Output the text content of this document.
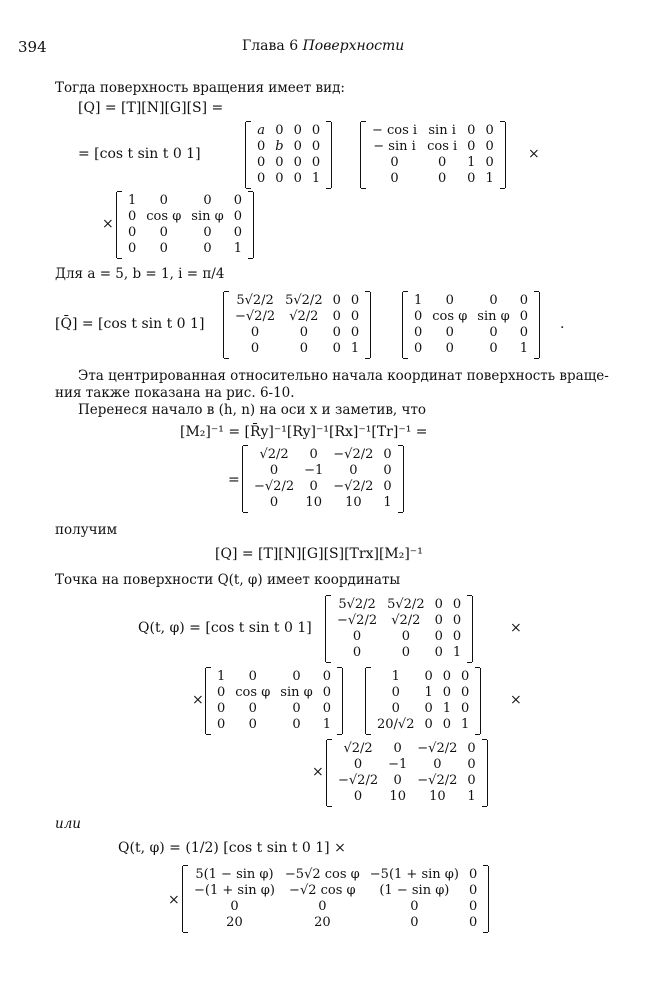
394	Глава 6 Поверхности
Тогда поверхность вращения имеет вид:
[Q] = [T][N][G][S] =
= [cos t sin t 0 1]
a	0	0	0
0	b	0	0
0	0	0	0
0	0	0	1
− cos i	sin i	0	0
− sin i	cos i	0	0
0	0	1	0
0	0	0	1
×
×
1	0	0	0
0	cos φ	sin φ	0
0	0	0	0
0	0	0	1
Для a = 5, b = 1, i = π/4
[Q̄] = [cos t sin t 0 1]
5√2/2	5√2/2	0	0
−√2/2	√2/2	0	0
0	0	0	0
0	0	0	1
1	0	0	0
0	cos φ	sin φ	0
0	0	0	0
0	0	0	1
.
Эта центрированная относительно начала координат поверхность враще-
ния также показана на рис. 6-10.
Перенеся начало в (h, n) на оси x и заметив, что
[M₂]⁻¹ = [R̄y]⁻¹[Ry]⁻¹[Rx]⁻¹[Tr]⁻¹ =
=
√2/2	0	−√2/2	0
0	−1	0	0
−√2/2	0	−√2/2	0
0	10	10	1
получим
[Q] = [T][N][G][S][Trx][M₂]⁻¹
Точка на поверхности Q(t, φ) имеет координаты
Q(t, φ) = [cos t sin t 0 1]
5√2/2	5√2/2	0	0
−√2/2	√2/2	0	0
0	0	0	0
0	0	0	1
×
×
1	0	0	0
0	cos φ	sin φ	0
0	0	0	0
0	0	0	1
1	0	0	0
0	1	0	0
0	0	1	0
20/√2	0	0	1
×
×
√2/2	0	−√2/2	0
0	−1	0	0
−√2/2	0	−√2/2	0
0	10	10	1
или
Q(t, φ) = (1/2) [cos t sin t 0 1] ×
×
5(1 − sin φ)	−5√2 cos φ	−5(1 + sin φ)	0
−(1 + sin φ)	−√2 cos φ	(1 − sin φ)	0
0	0	0	0
20	20	0	0
